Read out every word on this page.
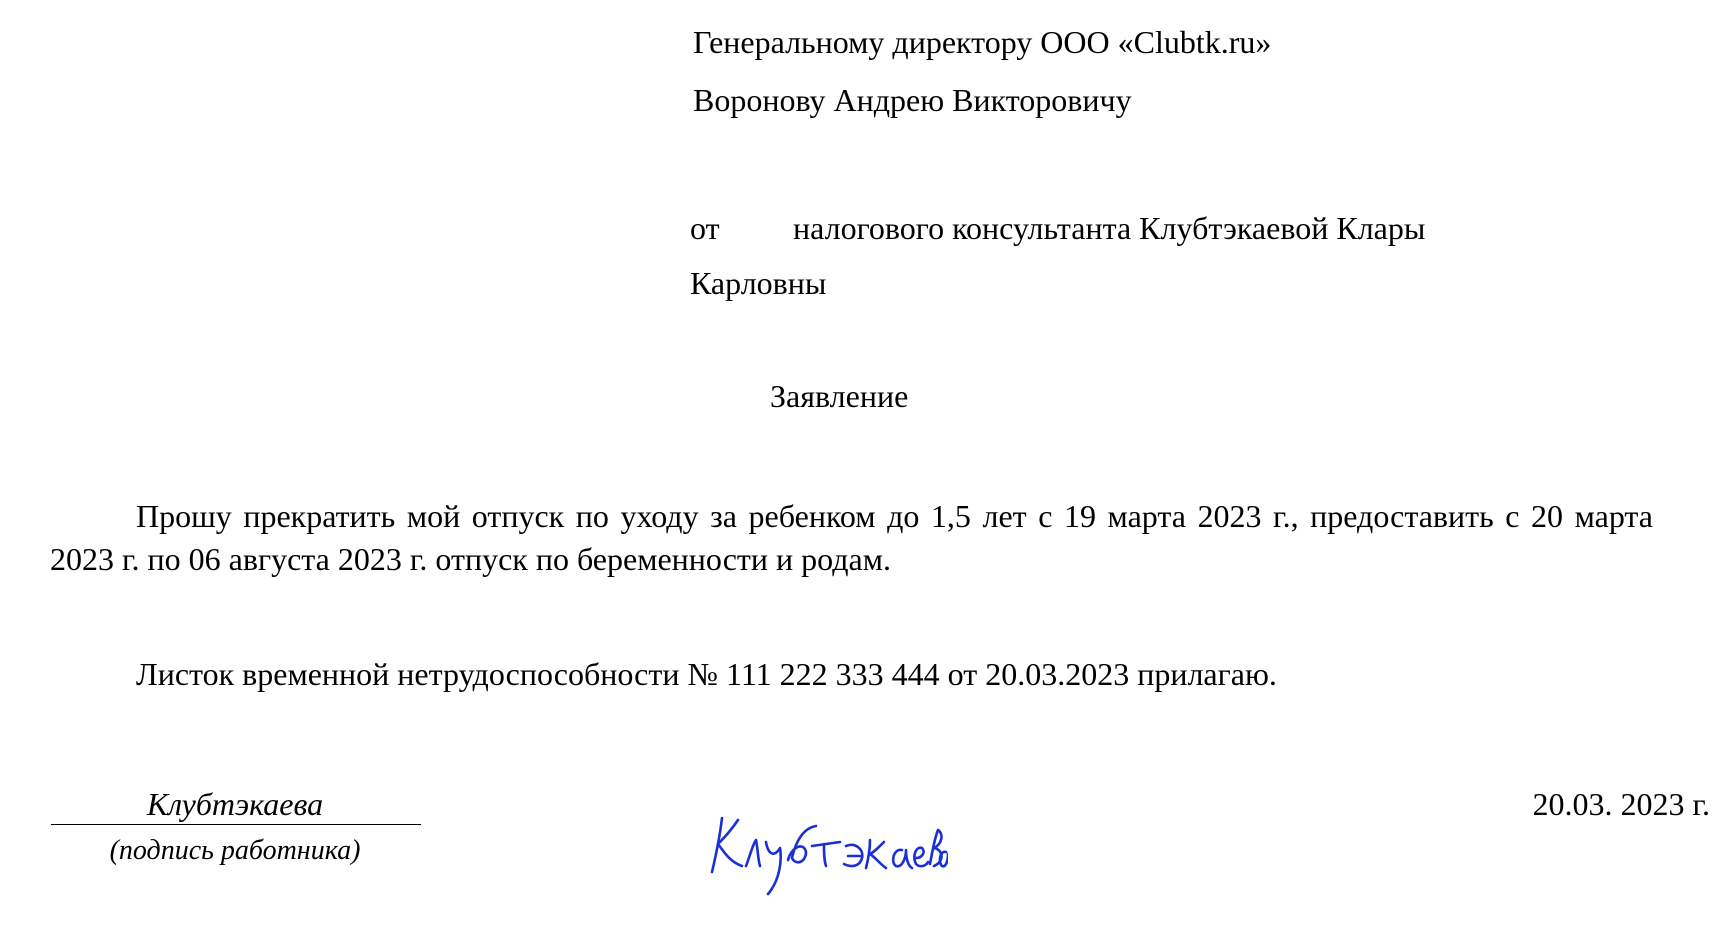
Генеральному директору ООО «Clubtk.ru»
Воронову Андрею Викторовичу
от налогового консультанта Клубтэкаевой Клары
Карловны
Заявление
Прошу прекратить мой отпуск по уходу за ребенком до 1,5 лет с 19 марта 2023 г., предоставить с 20 марта 2023 г. по 06 августа 2023 г. отпуск по беременности и родам.
Листок временной нетрудоспособности № 111 222 333 444 от 20.03.2023 прилагаю.
Клубтэкаева
(подпись работника)
20.03. 2023 г.
